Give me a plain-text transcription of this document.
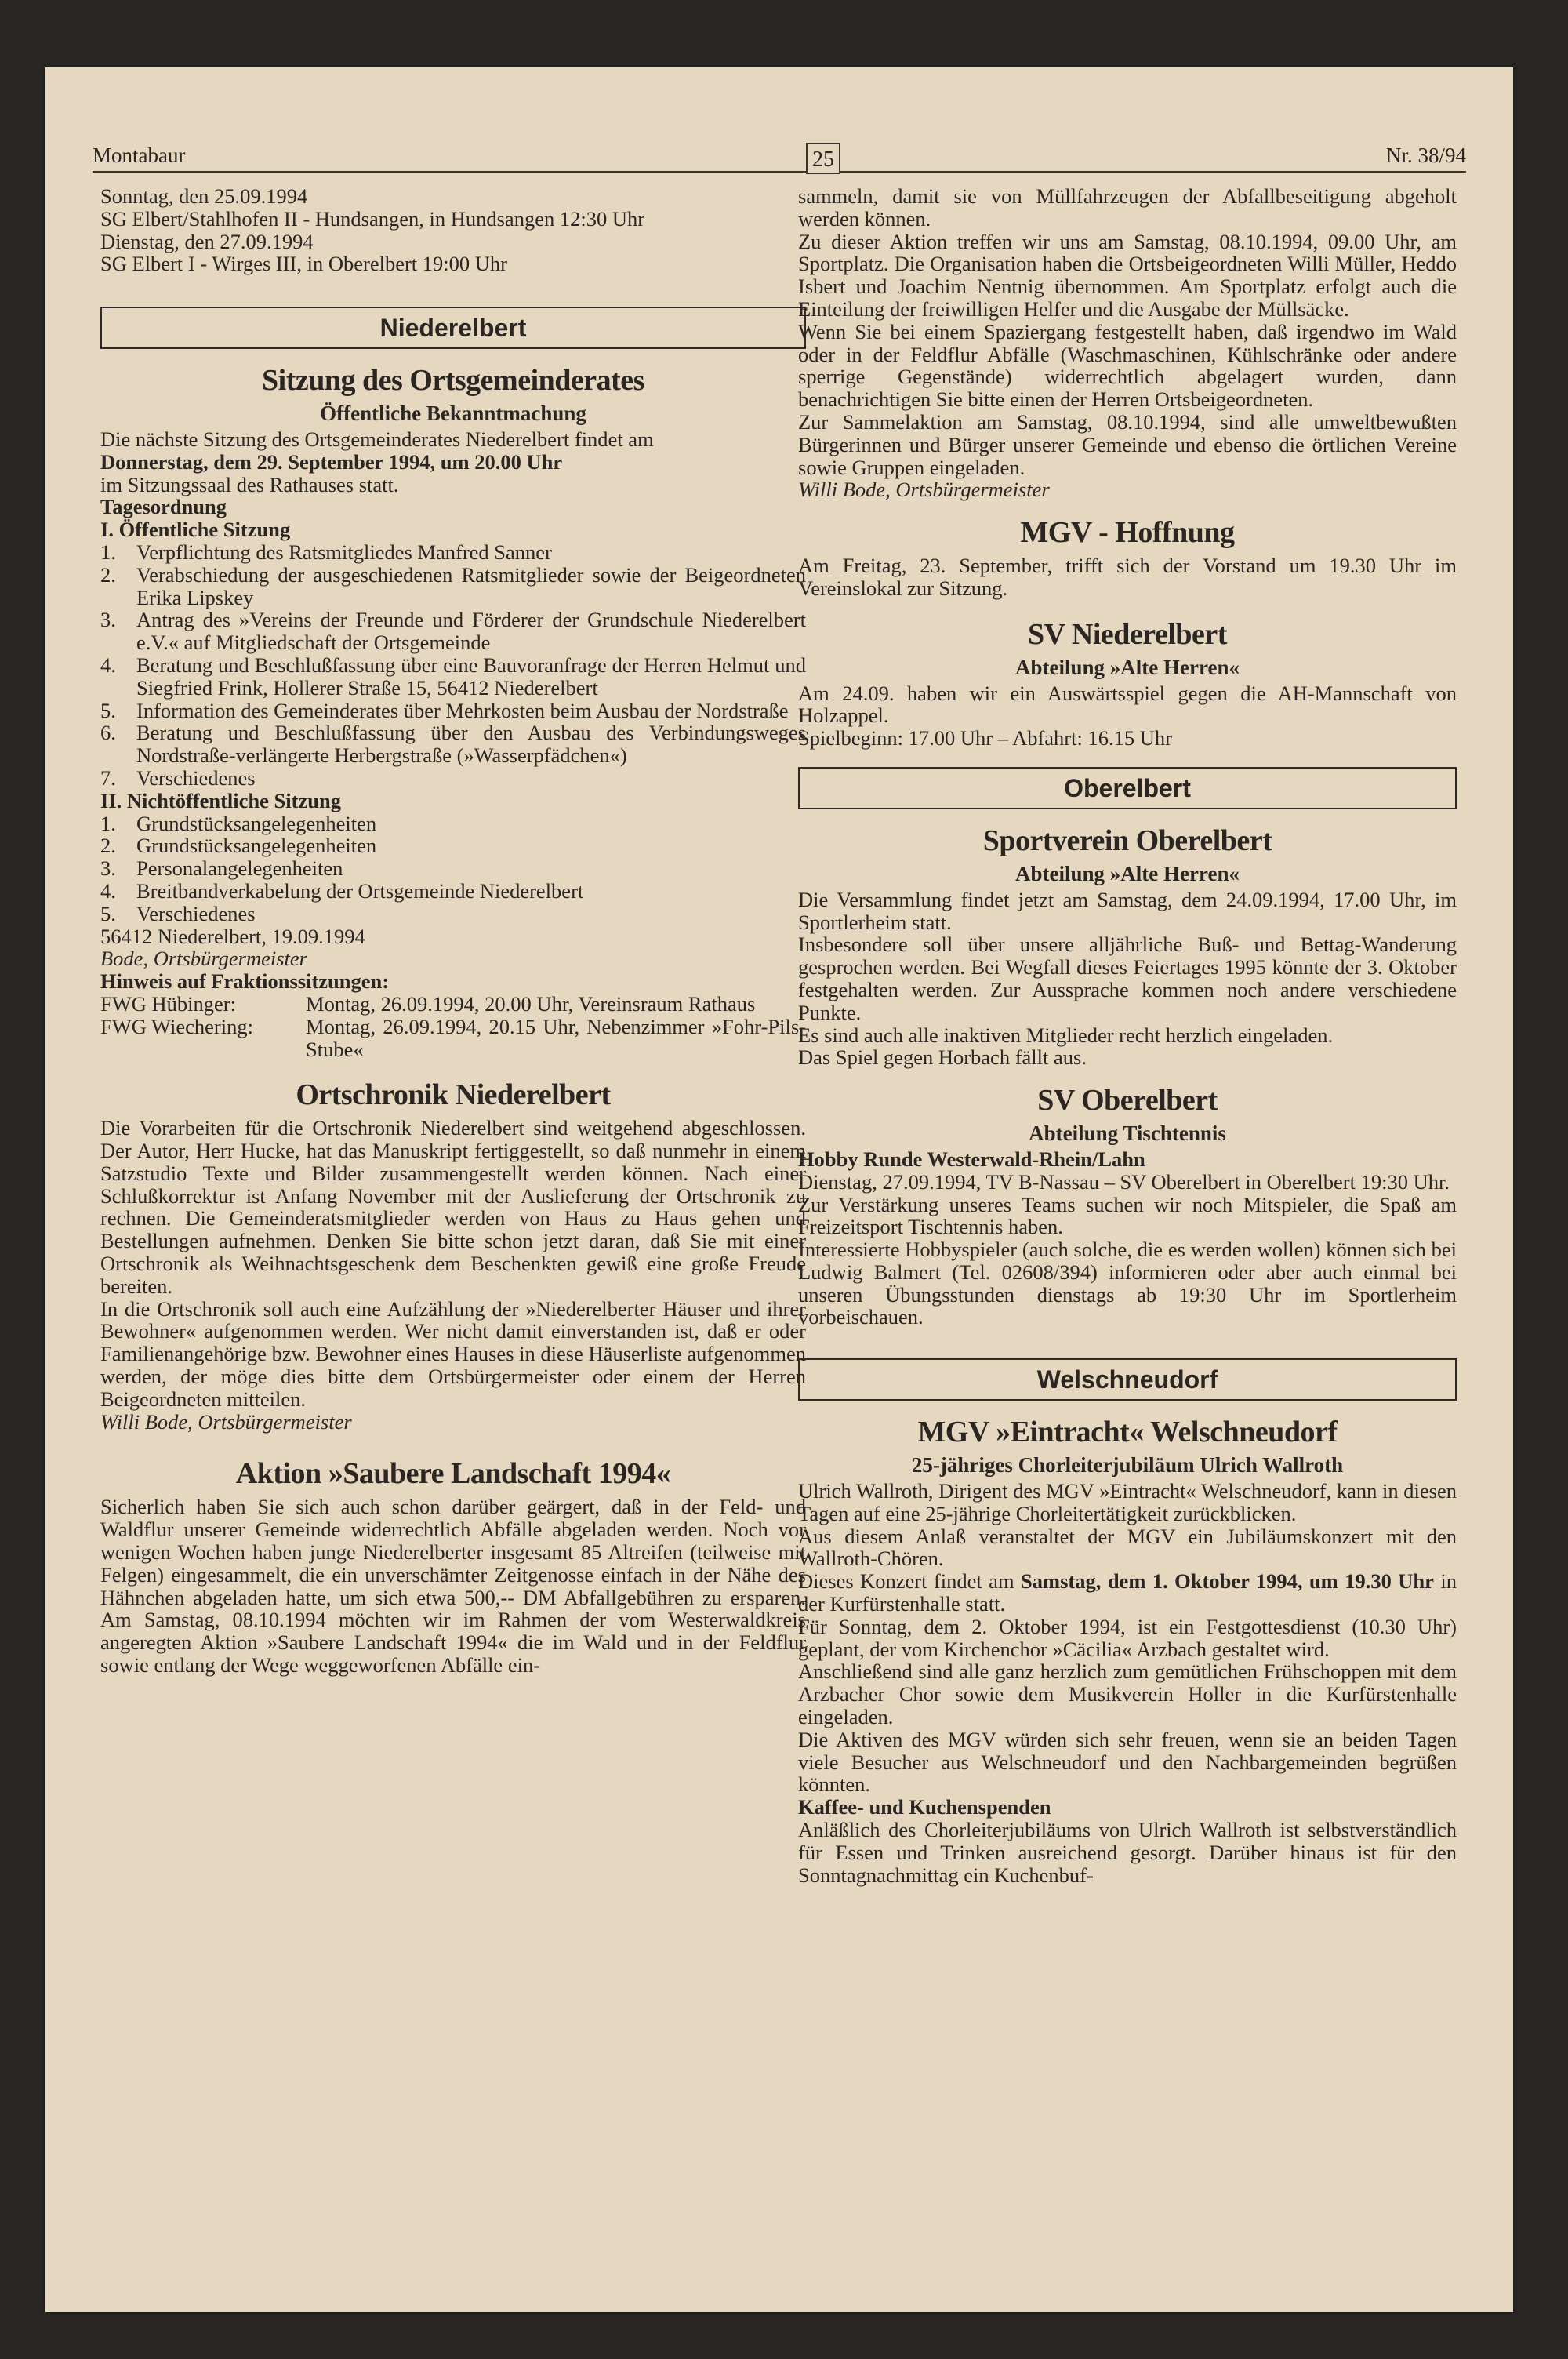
Montabaur	25	Nr. 38/94

Sonntag, den 25.09.1994

SG Elbert/Stahlhofen II - Hundsangen, in Hundsangen 12:30 Uhr

Dienstag, den 27.09.1994

SG Elbert I - Wirges III, in Oberelbert 19:00 Uhr

Niederelbert
Sitzung des Ortsgemeinderates
Öffentliche Bekanntmachung

Die nächste Sitzung des Ortsgemeinderates Niederelbert findet am

Donnerstag, dem 29. September 1994, um 20.00 Uhr

im Sitzungssaal des Rathauses statt.

Tagesordnung

I. Öffentliche Sitzung

1. Verpflichtung des Ratsmitgliedes Manfred Sanner
2. Verabschiedung der ausgeschiedenen Ratsmitglieder sowie der Beigeordneten Erika Lipskey
3. Antrag des »Vereins der Freunde und Förderer der Grundschule Niederelbert e.V.« auf Mitgliedschaft der Ortsgemeinde
4. Beratung und Beschlußfassung über eine Bauvoranfrage der Herren Helmut und Siegfried Frink, Hollerer Straße 15, 56412 Niederelbert
5. Information des Gemeinderates über Mehrkosten beim Ausbau der Nordstraße
6. Beratung und Beschlußfassung über den Ausbau des Verbindungsweges Nordstraße-verlängerte Herbergstraße (»Wasserpfädchen«)
7. Verschiedenes

II. Nichtöffentliche Sitzung

1. Grundstücksangelegenheiten
2. Grundstücksangelegenheiten
3. Personalangelegenheiten
4. Breitbandverkabelung der Ortsgemeinde Niederelbert
5. Verschiedenes

56412 Niederelbert, 19.09.1994

Bode, Ortsbürgermeister

Hinweis auf Fraktionssitzungen:

FWG Hübinger:	Montag, 26.09.1994, 20.00 Uhr, Vereinsraum Rathaus
FWG Wiechering:	Montag, 26.09.1994, 20.15 Uhr, Nebenzimmer »Fohr-Pils-Stube«
Ortschronik Niederelbert

Die Vorarbeiten für die Ortschronik Niederelbert sind weitgehend abgeschlossen. Der Autor, Herr Hucke, hat das Manuskript fertiggestellt, so daß nunmehr in einem Satzstudio Texte und Bilder zusammengestellt werden können. Nach einer Schlußkorrektur ist Anfang November mit der Auslieferung der Ortschronik zu rechnen. Die Gemeinderatsmitglieder werden von Haus zu Haus gehen und Bestellungen aufnehmen. Denken Sie bitte schon jetzt daran, daß Sie mit einer Ortschronik als Weihnachtsgeschenk dem Beschenkten gewiß eine große Freude bereiten.

In die Ortschronik soll auch eine Aufzählung der »Niederelberter Häuser und ihrer Bewohner« aufgenommen werden. Wer nicht damit einverstanden ist, daß er oder Familienangehörige bzw. Bewohner eines Hauses in diese Häuserliste aufgenommen werden, der möge dies bitte dem Ortsbürgermeister oder einem der Herren Beigeordneten mitteilen.

Willi Bode, Ortsbürgermeister

Aktion »Saubere Landschaft 1994«

Sicherlich haben Sie sich auch schon darüber geärgert, daß in der Feld- und Waldflur unserer Gemeinde widerrechtlich Abfälle abgeladen werden. Noch vor wenigen Wochen haben junge Niederelberter insgesamt 85 Altreifen (teilweise mit Felgen) eingesammelt, die ein unverschämter Zeitgenosse einfach in der Nähe des Hähnchen abgeladen hatte, um sich etwa 500,-- DM Abfallgebühren zu ersparen. Am Samstag, 08.10.1994 möchten wir im Rahmen der vom Westerwaldkreis angeregten Aktion »Saubere Landschaft 1994« die im Wald und in der Feldflur sowie entlang der Wege weggeworfenen Abfälle ein-

sammeln, damit sie von Müllfahrzeugen der Abfallbeseitigung abgeholt werden können.

Zu dieser Aktion treffen wir uns am Samstag, 08.10.1994, 09.00 Uhr, am Sportplatz. Die Organisation haben die Ortsbeigeordneten Willi Müller, Heddo Isbert und Joachim Nentnig übernommen. Am Sportplatz erfolgt auch die Einteilung der freiwilligen Helfer und die Ausgabe der Müllsäcke.

Wenn Sie bei einem Spaziergang festgestellt haben, daß irgendwo im Wald oder in der Feldflur Abfälle (Waschmaschinen, Kühlschränke oder andere sperrige Gegenstände) widerrechtlich abgelagert wurden, dann benachrichtigen Sie bitte einen der Herren Ortsbeigeordneten.

Zur Sammelaktion am Samstag, 08.10.1994, sind alle umweltbewußten Bürgerinnen und Bürger unserer Gemeinde und ebenso die örtlichen Vereine sowie Gruppen eingeladen.

Willi Bode, Ortsbürgermeister

MGV - Hoffnung

Am Freitag, 23. September, trifft sich der Vorstand um 19.30 Uhr im Vereinslokal zur Sitzung.

SV Niederelbert
Abteilung »Alte Herren«

Am 24.09. haben wir ein Auswärtsspiel gegen die AH-Mannschaft von Holzappel.

Spielbeginn: 17.00 Uhr – Abfahrt: 16.15 Uhr

Oberelbert
Sportverein Oberelbert
Abteilung »Alte Herren«

Die Versammlung findet jetzt am Samstag, dem 24.09.1994, 17.00 Uhr, im Sportlerheim statt.

Insbesondere soll über unsere alljährliche Buß- und Bettag-Wanderung gesprochen werden. Bei Wegfall dieses Feiertages 1995 könnte der 3. Oktober festgehalten werden. Zur Aussprache kommen noch andere verschiedene Punkte.

Es sind auch alle inaktiven Mitglieder recht herzlich eingeladen.

Das Spiel gegen Horbach fällt aus.

SV Oberelbert
Abteilung Tischtennis

Hobby Runde Westerwald-Rhein/Lahn

Dienstag, 27.09.1994, TV B-Nassau – SV Oberelbert in Oberelbert 19:30 Uhr.

Zur Verstärkung unseres Teams suchen wir noch Mitspieler, die Spaß am Freizeitsport Tischtennis haben.

Interessierte Hobbyspieler (auch solche, die es werden wollen) können sich bei Ludwig Balmert (Tel. 02608/394) informieren oder aber auch einmal bei unseren Übungsstunden dienstags ab 19:30 Uhr im Sportlerheim vorbeischauen.

Welschneudorf
MGV »Eintracht« Welschneudorf
25-jähriges Chorleiterjubiläum Ulrich Wallroth

Ulrich Wallroth, Dirigent des MGV »Eintracht« Welschneudorf, kann in diesen Tagen auf eine 25-jährige Chorleitertätigkeit zurückblicken.

Aus diesem Anlaß veranstaltet der MGV ein Jubiläumskonzert mit den Wallroth-Chören.

Dieses Konzert findet am Samstag, dem 1. Oktober 1994, um 19.30 Uhr in der Kurfürstenhalle statt.

Für Sonntag, dem 2. Oktober 1994, ist ein Festgottesdienst (10.30 Uhr) geplant, der vom Kirchenchor »Cäcilia« Arzbach gestaltet wird.

Anschließend sind alle ganz herzlich zum gemütlichen Frühschoppen mit dem Arzbacher Chor sowie dem Musikverein Holler in die Kurfürstenhalle eingeladen.

Die Aktiven des MGV würden sich sehr freuen, wenn sie an beiden Tagen viele Besucher aus Welschneudorf und den Nachbargemeinden begrüßen könnten.

Kaffee- und Kuchenspenden

Anläßlich des Chorleiterjubiläums von Ulrich Wallroth ist selbstverständlich für Essen und Trinken ausreichend gesorgt. Darüber hinaus ist für den Sonntagnachmittag ein Kuchenbuf-
